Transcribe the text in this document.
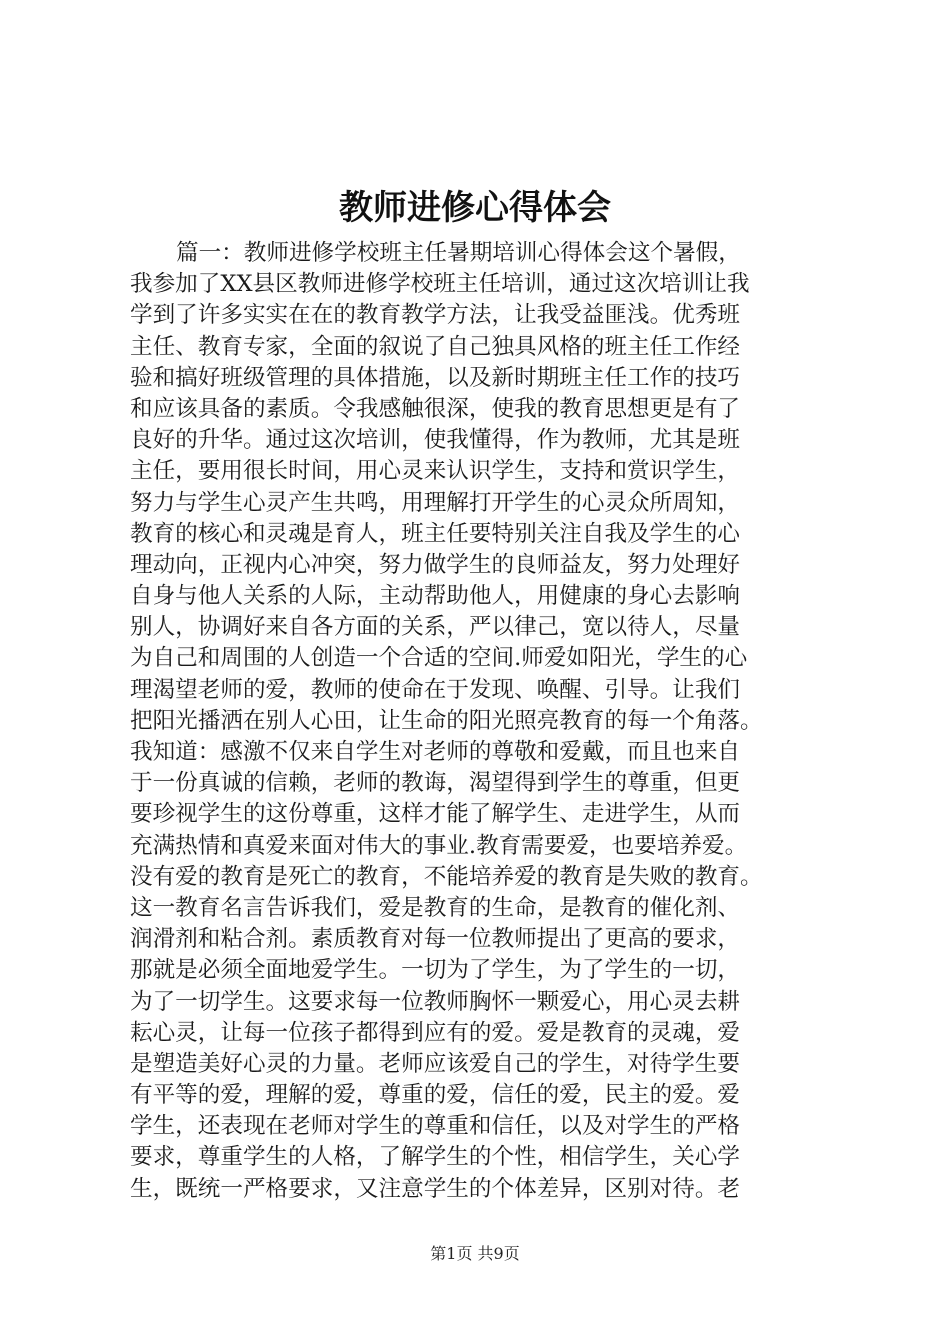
教师进修心得体会
篇一：教师进修学校班主任暑期培训心得体会这个暑假，
我参加了XX县区教师进修学校班主任培训，通过这次培训让我
学到了许多实实在在的教育教学方法，让我受益匪浅。优秀班
主任、教育专家，全面的叙说了自己独具风格的班主任工作经
验和搞好班级管理的具体措施，以及新时期班主任工作的技巧
和应该具备的素质。令我感触很深，使我的教育思想更是有了
良好的升华。通过这次培训，使我懂得，作为教师，尤其是班
主任，要用很长时间，用心灵来认识学生，支持和赏识学生，
努力与学生心灵产生共鸣，用理解打开学生的心灵众所周知，
教育的核心和灵魂是育人，班主任要特别关注自我及学生的心
理动向，正视内心冲突，努力做学生的良师益友，努力处理好
自身与他人关系的人际，主动帮助他人，用健康的身心去影响
别人，协调好来自各方面的关系，严以律己，宽以待人，尽量
为自己和周围的人创造一个合适的空间.师爱如阳光，学生的心
理渴望老师的爱，教师的使命在于发现、唤醒、引导。让我们
把阳光播洒在别人心田，让生命的阳光照亮教育的每一个角落。
我知道：感激不仅来自学生对老师的尊敬和爱戴，而且也来自
于一份真诚的信赖，老师的教诲，渴望得到学生的尊重，但更
要珍视学生的这份尊重，这样才能了解学生、走进学生，从而
充满热情和真爱来面对伟大的事业.教育需要爱，也要培养爱。
没有爱的教育是死亡的教育，不能培养爱的教育是失败的教育。
这一教育名言告诉我们，爱是教育的生命，是教育的催化剂、
润滑剂和粘合剂。素质教育对每一位教师提出了更高的要求，
那就是必须全面地爱学生。一切为了学生，为了学生的一切，
为了一切学生。这要求每一位教师胸怀一颗爱心，用心灵去耕
耘心灵，让每一位孩子都得到应有的爱。爱是教育的灵魂，爱
是塑造美好心灵的力量。老师应该爱自己的学生，对待学生要
有平等的爱，理解的爱，尊重的爱，信任的爱，民主的爱。爱
学生，还表现在老师对学生的尊重和信任，以及对学生的严格
要求，尊重学生的人格，了解学生的个性，相信学生，关心学
生，既统一严格要求，又注意学生的个体差异，区别对待。老
第1页 共9页
